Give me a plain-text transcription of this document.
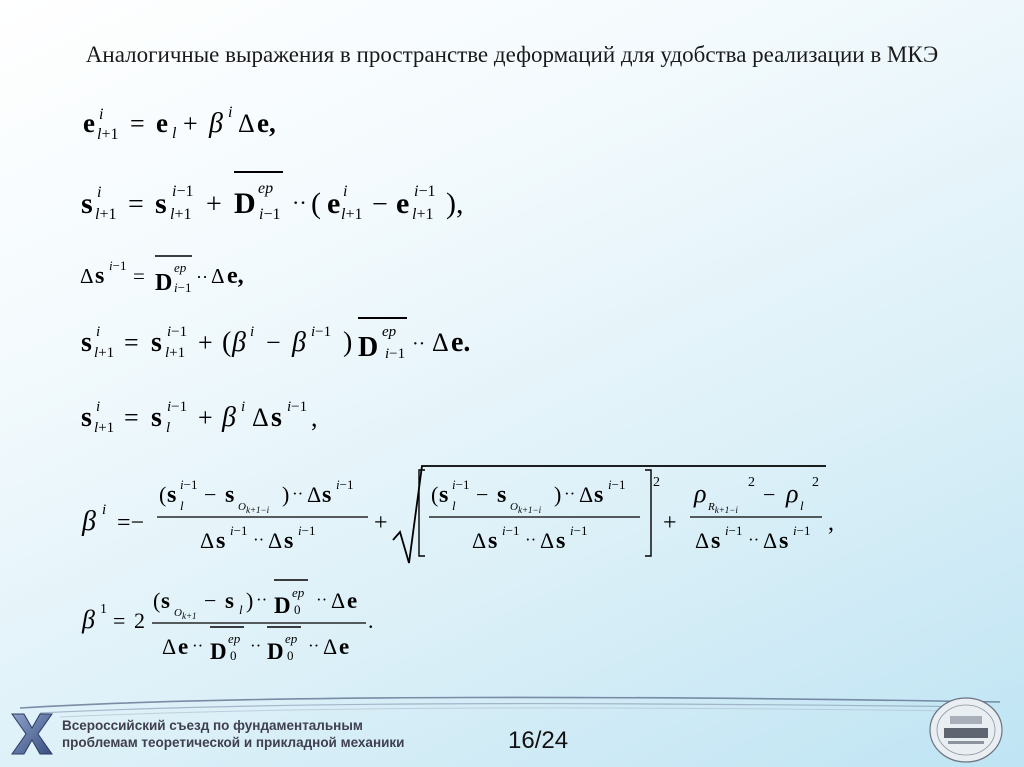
Аналогичные выражения в пространстве деформаций для удобства реализации в МКЭ
e i
l+1 = e l + β i Δ e,
s i
l+1 = s i−1
l+1 + D ep
i−1 ·· ( e i
l+1 − e i−1
l+1 ),
Δ s i−1 = D
ep
i−1
·· Δ e,
s i
l+1 = s i−1
l+1 + ( β i − β i−1 ) D ep
i−1 ·· Δ e.
s i
l+1 = s i−1
l + β i Δ s i−1 ,
β i =−
( s i−1
l − s $O_{k+1-i}$
) ·· Δ s i−1
Δ s i−1 ·· Δ s i−1 +
2
( s i−1
l − s $O_{k+1-i}$
) ·· Δ s i−1
Δ s i−1 ·· Δ s i−1	+
ρ $R_{k+1-i}$
2 − ρ l
2
Δ s i−1 ·· Δ s i−1 ,
β 1 = 2
( s $O_{k+1}$
− s l ) ·· D
ep
0
·· Δ e
Δ e ·· D
ep
0
·· D
ep
0
·· Δ e
.
Всероссийский съезд по фундаментальным
проблемам теоретической и прикладной механики	16/24
